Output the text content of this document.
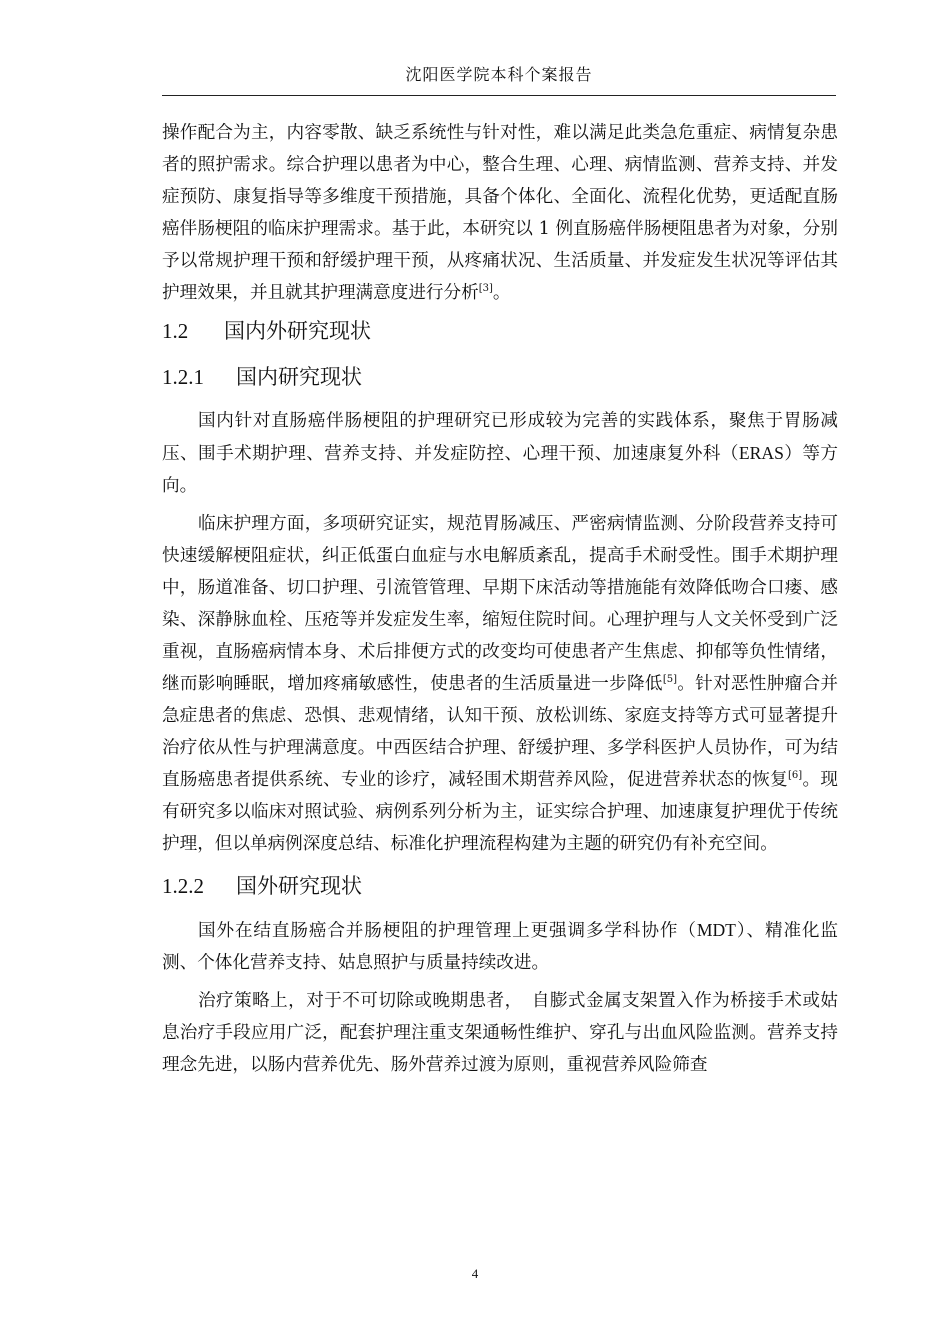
沈阳医学院本科个案报告

操作配合为主，内容零散、缺乏系统性与针对性，难以满足此类急危重症、病情复杂患者的照护需求。综合护理以患者为中心，整合生理、心理、病情监测、营养支持、并发症预防、康复指导等多维度干预措施，具备个体化、全面化、流程化优势，更适配直肠癌伴肠梗阻的临床护理需求。基于此，本研究以 1 例直肠癌伴肠梗阻患者为对象，分别予以常规护理干预和舒缓护理干预，从疼痛状况、生活质量、并发症发生状况等评估其护理效果，并且就其护理满意度进行分析[3]。

1.2	国内外研究现状
1.2.1	国内研究现状

国内针对直肠癌伴肠梗阻的护理研究已形成较为完善的实践体系，聚焦于胃肠减压、围手术期护理、营养支持、并发症防控、心理干预、加速康复外科（ERAS）等方向。

临床护理方面，多项研究证实，规范胃肠减压、严密病情监测、分阶段营养支持可快速缓解梗阻症状，纠正低蛋白血症与水电解质紊乱，提高手术耐受性。围手术期护理中，肠道准备、切口护理、引流管管理、早期下床活动等措施能有效降低吻合口瘘、感染、深静脉血栓、压疮等并发症发生率，缩短住院时间。心理护理与人文关怀受到广泛重视，直肠癌病情本身、术后排便方式的改变均可使患者产生焦虑、抑郁等负性情绪，继而影响睡眠，增加疼痛敏感性，使患者的生活质量进一步降低[5]。针对恶性肿瘤合并急症患者的焦虑、恐惧、悲观情绪，认知干预、放松训练、家庭支持等方式可显著提升治疗依从性与护理满意度。中西医结合护理、舒缓护理、多学科医护人员协作，可为结直肠癌患者提供系统、专业的诊疗，减轻围术期营养风险，促进营养状态的恢复[6]。现有研究多以临床对照试验、病例系列分析为主，证实综合护理、加速康复护理优于传统护理，但以单病例深度总结、标准化护理流程构建为主题的研究仍有补充空间。

1.2.2	国外研究现状

国外在结直肠癌合并肠梗阻的护理管理上更强调多学科协作（MDT）、精准化监测、个体化营养支持、姑息照护与质量持续改进。

治疗策略上，对于不可切除或晚期患者，　自膨式金属支架置入作为桥接手术或姑息治疗手段应用广泛，配套护理注重支架通畅性维护、穿孔与出血风险监测。营养支持理念先进，以肠内营养优先、肠外营养过渡为原则，重视营养风险筛查

4
